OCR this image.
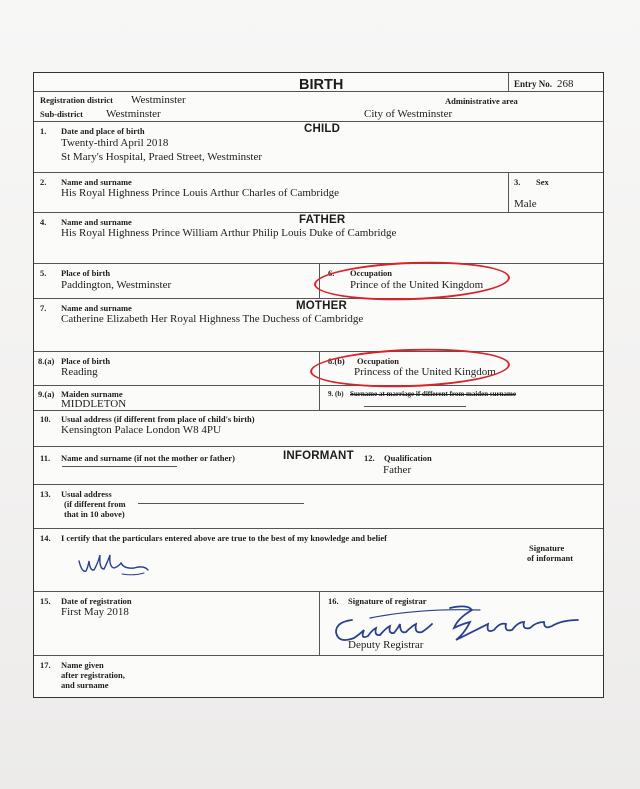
BIRTH	Entry No. 268
Registration district Westminster	Administrative area
Sub-district Westminster	City of Westminster
1. Date and place of birth	CHILD
Twenty-third April 2018
St Mary's Hospital, Praed Street, Westminster
2. Name and surname
His Royal Highness Prince Louis Arthur Charles of Cambridge
3. Sex
Male
4. Name and surname	FATHER
His Royal Highness Prince William Arthur Philip Louis Duke of Cambridge
5. Place of birth
Paddington, Westminster
6. Occupation
Prince of the United Kingdom
7. Name and surname	MOTHER
Catherine Elizabeth Her Royal Highness The Duchess of Cambridge
8.(a) Place of birth
Reading
8.(b) Occupation
Princess of the United Kingdom
9.(a) Maiden surname
MIDDLETON
9. (b) Surname at marriage if different from maiden surname
10. Usual address (if different from place of child's birth)
Kensington Palace London W8 4PU
11. Name and surname (if not the mother or father)	INFORMANT 12. Qualification
Father
13. Usual address
(if different from
that in 10 above)
14. I certify that the particulars entered above are true to the best of my knowledge and belief
Signature
of informant
15. Date of registration
First May 2018
16. Signature of registrar
Deputy Registrar
17. Name given
after registration,
and surname
